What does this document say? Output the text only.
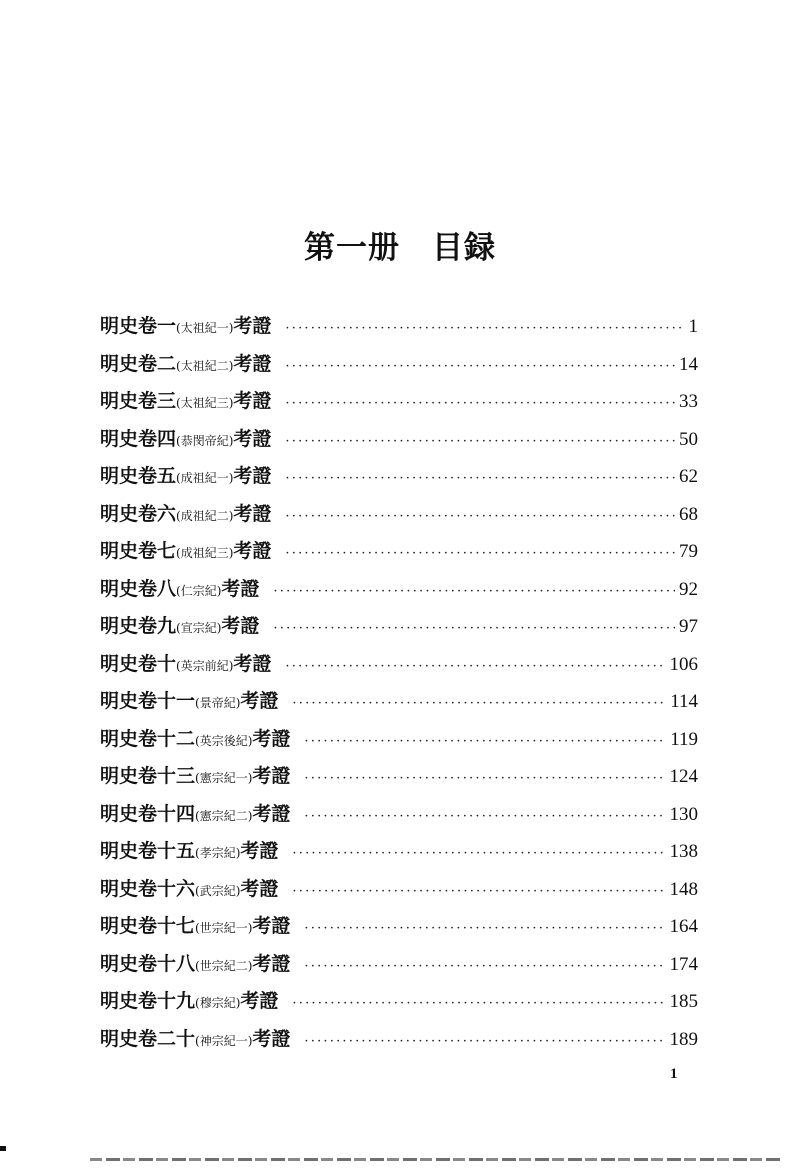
第一册　目録
明史卷一(太祖紀一)考證 ·····	1
明史卷二(太祖紀二)考證 ·····	14
明史卷三(太祖紀三)考證 ·····	33
明史卷四(恭閔帝紀)考證 ·····	50
明史卷五(成祖紀一)考證 ·····	62
明史卷六(成祖紀二)考證 ·····	68
明史卷七(成祖紀三)考證 ·····	79
明史卷八(仁宗紀)考證 ·····	92
明史卷九(宣宗紀)考證 ·····	97
明史卷十(英宗前紀)考證 ·····	106
明史卷十一(景帝紀)考證 ·····	114
明史卷十二(英宗後紀)考證 ·····	119
明史卷十三(憲宗紀一)考證 ·····	124
明史卷十四(憲宗紀二)考證 ·····	130
明史卷十五(孝宗紀)考證 ·····	138
明史卷十六(武宗紀)考證 ·····	148
明史卷十七(世宗紀一)考證 ·····	164
明史卷十八(世宗紀二)考證 ·····	174
明史卷十九(穆宗紀)考證 ·····	185
明史卷二十(神宗紀一)考證 ·····	189
1
